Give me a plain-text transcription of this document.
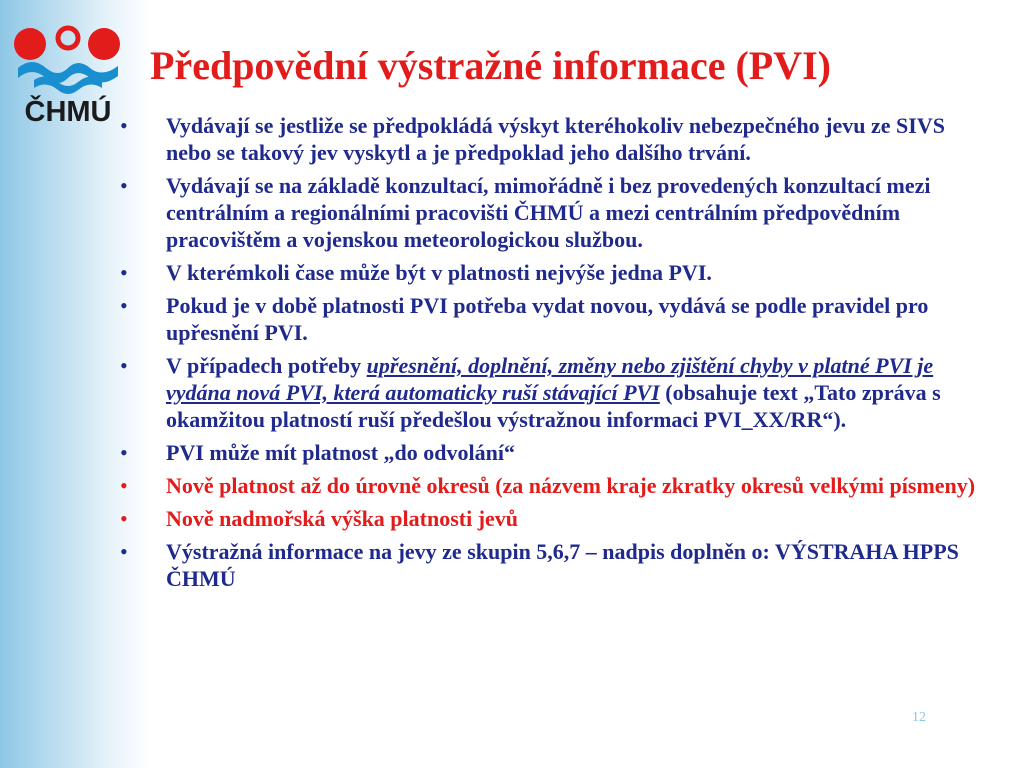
ČHMÚ
Předpovědní výstražné informace (PVI)
• Vydávají se jestliže se předpokládá výskyt kteréhokoliv nebezpečného jevu ze SIVS nebo se takový jev vyskytl a je předpoklad jeho dalšího trvání.
• Vydávají se na základě konzultací, mimořádně i bez provedených konzultací mezi centrálním a regionálními pracovišti ČHMÚ a mezi centrálním předpovědním pracovištěm a vojenskou meteorologickou službou.
• V kterémkoli čase může být v platnosti nejvýše jedna PVI.
• Pokud je v době platnosti PVI potřeba vydat novou, vydává se podle pravidel pro upřesnění PVI.
• V případech potřeby upřesnění, doplnění, změny nebo zjištění chyby v platné PVI je vydána nová PVI, která automaticky ruší stávající PVI (obsahuje text „Tato zpráva s okamžitou platností ruší předešlou výstražnou informaci PVI_XX/RR“).
• PVI může mít platnost „do odvolání“
• Nově platnost až do úrovně okresů (za názvem kraje zkratky okresů velkými písmeny)
• Nově nadmořská výška platnosti jevů
• Výstražná informace na jevy ze skupin 5,6,7 – nadpis doplněn o: VÝSTRAHA HPPS ČHMÚ
12
